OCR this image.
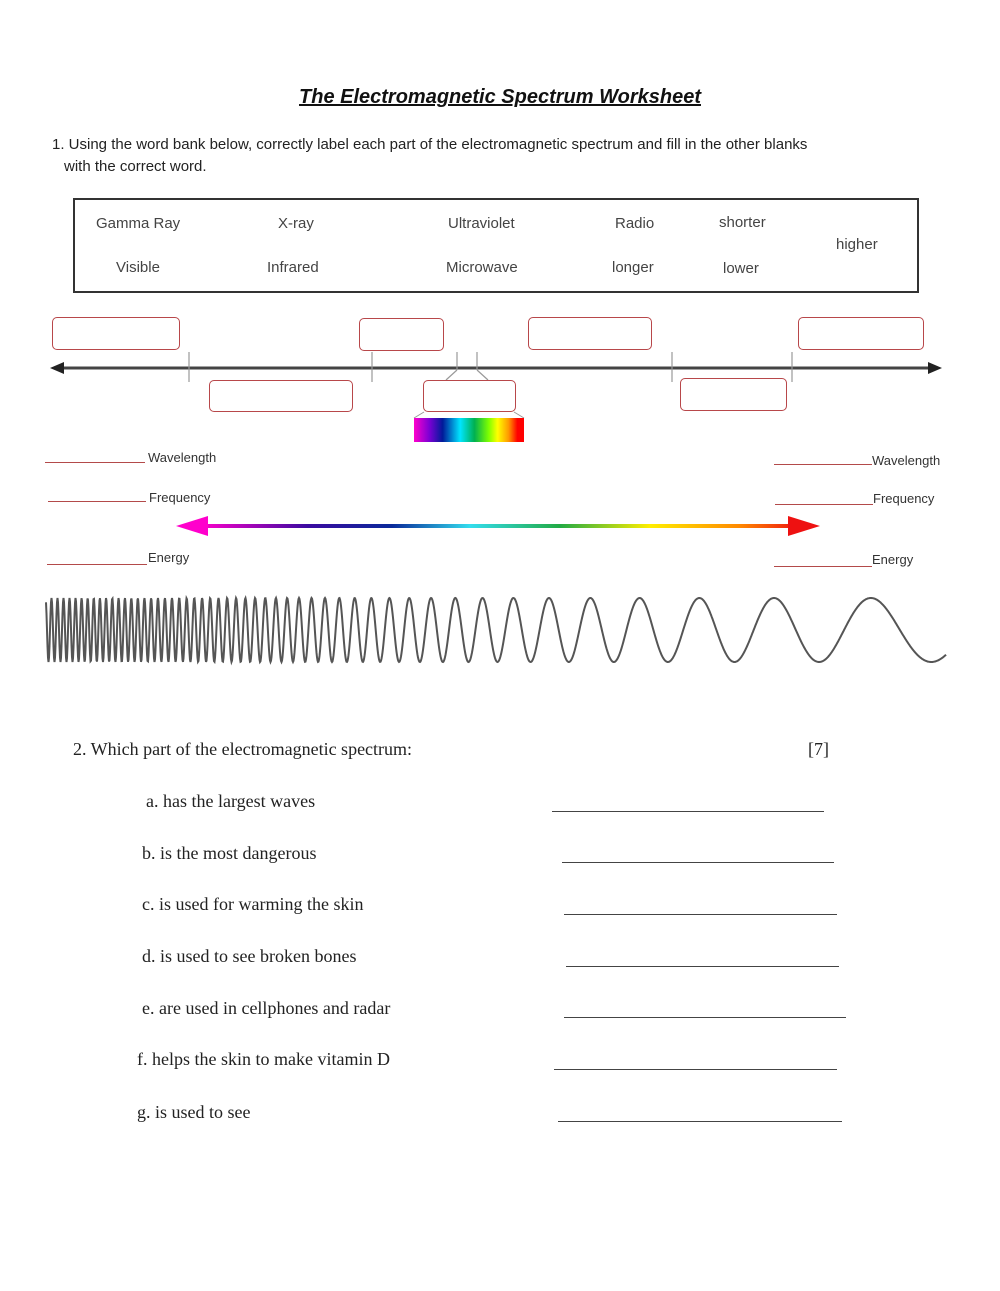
The Electromagnetic Spectrum Worksheet
1. Using the word bank below, correctly label each part of the electromagnetic spectrum and fill in the other blanks
with the correct word.
Gamma Ray	X-ray	Ultraviolet	Radio	shorter
higher
Visible	Infrared	Microwave	longer	lower
Wavelength
Frequency
Energy
Wavelength
Frequency
Energy
2. Which part of the electromagnetic spectrum:	[7]
a. has the largest waves
b. is the most dangerous
c. is used for warming the skin
d. is used to see broken bones
e. are used in cellphones and radar
f. helps the skin to make vitamin D
g. is used to see
